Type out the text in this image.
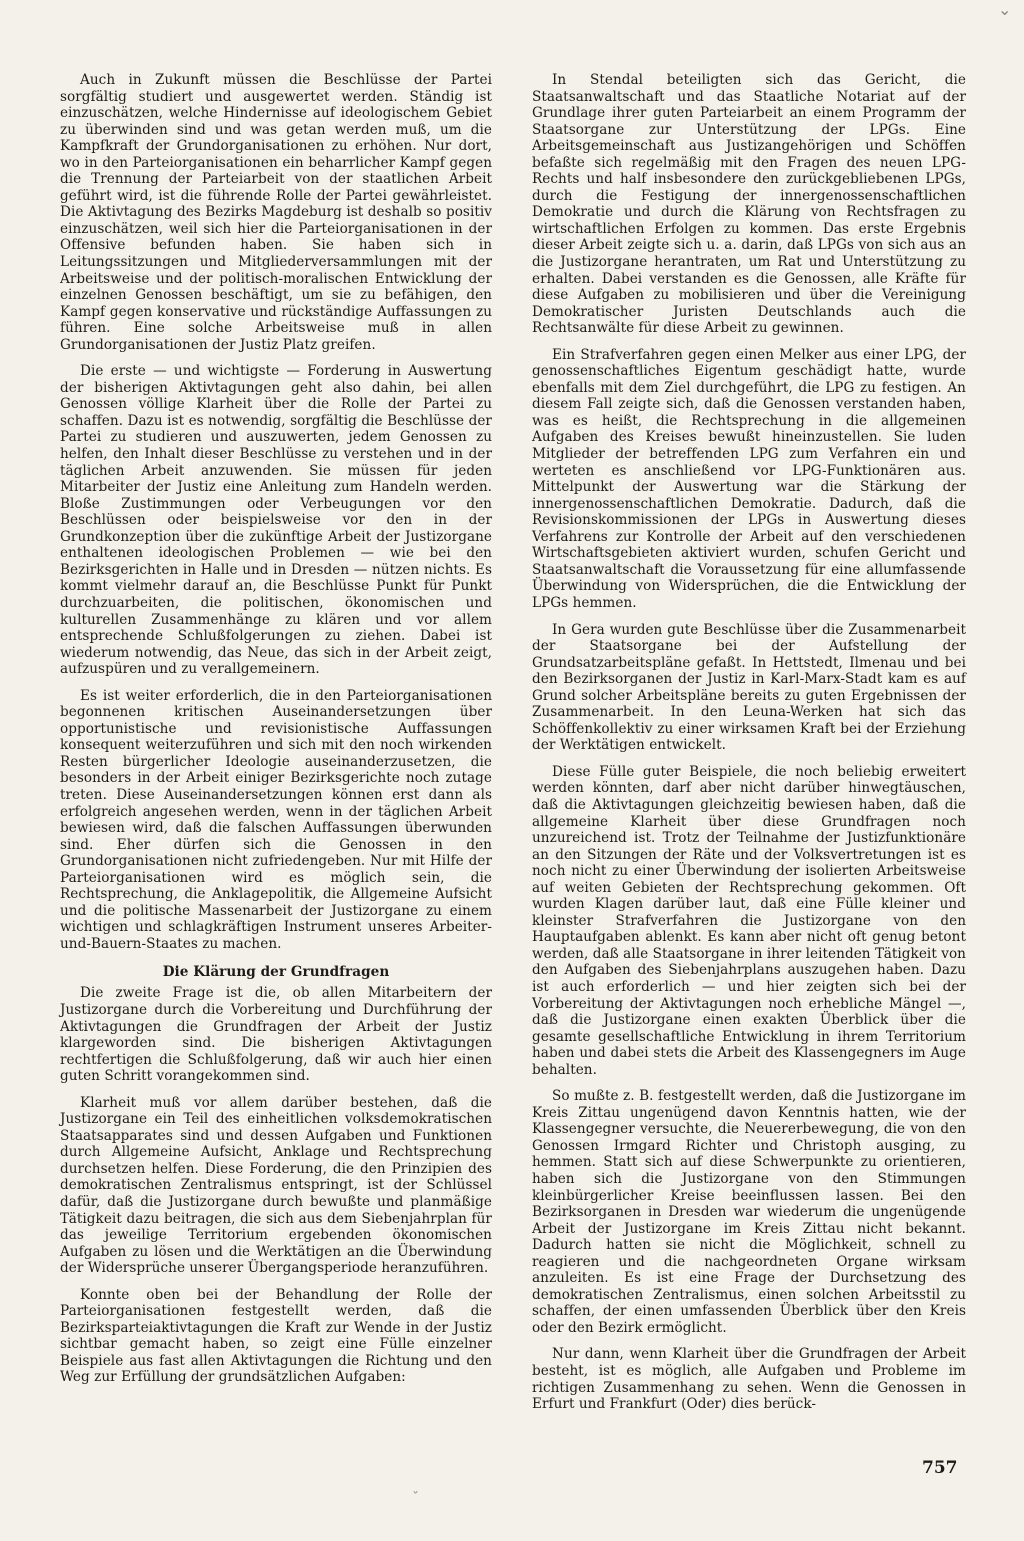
⌄

Auch in Zukunft müssen die Beschlüsse der Partei sorgfältig studiert und ausgewertet werden. Ständig ist einzuschätzen, welche Hindernisse auf ideologischem Gebiet zu überwinden sind und was getan werden muß, um die Kampfkraft der Grundorganisationen zu erhöhen. Nur dort, wo in den Parteiorganisationen ein beharrlicher Kampf gegen die Trennung der Parteiarbeit von der staatlichen Arbeit geführt wird, ist die führende Rolle der Partei gewährleistet. Die Aktivtagung des Bezirks Magdeburg ist deshalb so positiv einzuschätzen, weil sich hier die Parteiorganisationen in der Offensive befunden haben. Sie haben sich in Leitungssitzungen und Mitgliederversammlungen mit der Arbeitsweise und der politisch-moralischen Entwicklung der einzelnen Genossen beschäftigt, um sie zu befähigen, den Kampf gegen konservative und rückständige Auffassungen zu führen. Eine solche Arbeitsweise muß in allen Grundorganisationen der Justiz Platz greifen.

Die erste — und wichtigste — Forderung in Auswertung der bisherigen Aktivtagungen geht also dahin, bei allen Genossen völlige Klarheit über die Rolle der Partei zu schaffen. Dazu ist es notwendig, sorgfältig die Beschlüsse der Partei zu studieren und auszuwerten, jedem Genossen zu helfen, den Inhalt dieser Beschlüsse zu verstehen und in der täglichen Arbeit anzuwenden. Sie müssen für jeden Mitarbeiter der Justiz eine Anleitung zum Handeln werden. Bloße Zustimmungen oder Verbeugungen vor den Beschlüssen oder beispielsweise vor den in der Grundkonzeption über die zukünftige Arbeit der Justizorgane enthaltenen ideologischen Problemen — wie bei den Bezirksgerichten in Halle und in Dresden — nützen nichts. Es kommt vielmehr darauf an, die Beschlüsse Punkt für Punkt durchzuarbeiten, die politischen, ökonomischen und kulturellen Zusammenhänge zu klären und vor allem entsprechende Schlußfolgerungen zu ziehen. Dabei ist wiederum notwendig, das Neue, das sich in der Arbeit zeigt, aufzuspüren und zu verallgemeinern.

Es ist weiter erforderlich, die in den Parteiorganisationen begonnenen kritischen Auseinandersetzungen über opportunistische und revisionistische Auffassungen konsequent weiterzuführen und sich mit den noch wirkenden Resten bürgerlicher Ideologie auseinanderzusetzen, die besonders in der Arbeit einiger Bezirksgerichte noch zutage treten. Diese Auseinandersetzungen können erst dann als erfolgreich angesehen werden, wenn in der täglichen Arbeit bewiesen wird, daß die falschen Auffassungen überwunden sind. Eher dürfen sich die Genossen in den Grundorganisationen nicht zufriedengeben. Nur mit Hilfe der Parteiorganisationen wird es möglich sein, die Rechtsprechung, die Anklagepolitik, die Allgemeine Aufsicht und die politische Massenarbeit der Justizorgane zu einem wichtigen und schlagkräftigen Instrument unseres Arbeiter-und-Bauern-Staates zu machen.

Die Klärung der Grundfragen

Die zweite Frage ist die, ob allen Mitarbeitern der Justizorgane durch die Vorbereitung und Durchführung der Aktivtagungen die Grundfragen der Arbeit der Justiz klargeworden sind. Die bisherigen Aktivtagungen rechtfertigen die Schlußfolgerung, daß wir auch hier einen guten Schritt vorangekommen sind.

Klarheit muß vor allem darüber bestehen, daß die Justizorgane ein Teil des einheitlichen volksdemokratischen Staatsapparates sind und dessen Aufgaben und Funktionen durch Allgemeine Aufsicht, Anklage und Rechtsprechung durchsetzen helfen. Diese Forderung, die den Prinzipien des demokratischen Zentralismus entspringt, ist der Schlüssel dafür, daß die Justizorgane durch bewußte und planmäßige Tätigkeit dazu beitragen, die sich aus dem Siebenjahrplan für das jeweilige Territorium ergebenden ökonomischen Aufgaben zu lösen und die Werktätigen an die Überwindung der Widersprüche unserer Übergangsperiode heranzuführen.

Konnte oben bei der Behandlung der Rolle der Parteiorganisationen festgestellt werden, daß die Bezirksparteiaktivtagungen die Kraft zur Wende in der Justiz sichtbar gemacht haben, so zeigt eine Fülle einzelner Beispiele aus fast allen Aktivtagungen die Richtung und den Weg zur Erfüllung der grundsätzlichen Aufgaben:

In Stendal beteiligten sich das Gericht, die Staatsanwaltschaft und das Staatliche Notariat auf der Grundlage ihrer guten Parteiarbeit an einem Programm der Staatsorgane zur Unterstützung der LPGs. Eine Arbeitsgemeinschaft aus Justizangehörigen und Schöffen befaßte sich regelmäßig mit den Fragen des neuen LPG-Rechts und half insbesondere den zurückgebliebenen LPGs, durch die Festigung der innergenossenschaftlichen Demokratie und durch die Klärung von Rechtsfragen zu wirtschaftlichen Erfolgen zu kommen. Das erste Ergebnis dieser Arbeit zeigte sich u. a. darin, daß LPGs von sich aus an die Justizorgane herantraten, um Rat und Unterstützung zu erhalten. Dabei verstanden es die Genossen, alle Kräfte für diese Aufgaben zu mobilisieren und über die Vereinigung Demokratischer Juristen Deutschlands auch die Rechtsanwälte für diese Arbeit zu gewinnen.

Ein Strafverfahren gegen einen Melker aus einer LPG, der genossenschaftliches Eigentum geschädigt hatte, wurde ebenfalls mit dem Ziel durchgeführt, die LPG zu festigen. An diesem Fall zeigte sich, daß die Genossen verstanden haben, was es heißt, die Rechtsprechung in die allgemeinen Aufgaben des Kreises bewußt hineinzustellen. Sie luden Mitglieder der betreffenden LPG zum Verfahren ein und werteten es anschließend vor LPG-Funktionären aus. Mittelpunkt der Auswertung war die Stärkung der innergenossenschaftlichen Demokratie. Dadurch, daß die Revisionskommissionen der LPGs in Auswertung dieses Verfahrens zur Kontrolle der Arbeit auf den verschiedenen Wirtschaftsgebieten aktiviert wurden, schufen Gericht und Staatsanwaltschaft die Voraussetzung für eine allumfassende Überwindung von Widersprüchen, die die Entwicklung der LPGs hemmen.

In Gera wurden gute Beschlüsse über die Zusammenarbeit der Staatsorgane bei der Aufstellung der Grundsatzarbeitspläne gefaßt. In Hettstedt, Ilmenau und bei den Bezirksorganen der Justiz in Karl-Marx-Stadt kam es auf Grund solcher Arbeitspläne bereits zu guten Ergebnissen der Zusammenarbeit. In den Leuna-Werken hat sich das Schöffenkollektiv zu einer wirksamen Kraft bei der Erziehung der Werktätigen entwickelt.

Diese Fülle guter Beispiele, die noch beliebig erweitert werden könnten, darf aber nicht darüber hinwegtäuschen, daß die Aktivtagungen gleichzeitig bewiesen haben, daß die allgemeine Klarheit über diese Grundfragen noch unzureichend ist. Trotz der Teilnahme der Justizfunktionäre an den Sitzungen der Räte und der Volksvertretungen ist es noch nicht zu einer Überwindung der isolierten Arbeitsweise auf weiten Gebieten der Rechtsprechung gekommen. Oft wurden Klagen darüber laut, daß eine Fülle kleiner und kleinster Strafverfahren die Justizorgane von den Hauptaufgaben ablenkt. Es kann aber nicht oft genug betont werden, daß alle Staatsorgane in ihrer leitenden Tätigkeit von den Aufgaben des Siebenjahrplans auszugehen haben. Dazu ist auch erforderlich — und hier zeigten sich bei der Vorbereitung der Aktivtagungen noch erhebliche Mängel —, daß die Justizorgane einen exakten Überblick über die gesamte gesellschaftliche Entwicklung in ihrem Territorium haben und dabei stets die Arbeit des Klassengegners im Auge behalten.

So mußte z. B. festgestellt werden, daß die Justizorgane im Kreis Zittau ungenügend davon Kenntnis hatten, wie der Klassengegner versuchte, die Neuererbewegung, die von den Genossen Irmgard Richter und Christoph ausging, zu hemmen. Statt sich auf diese Schwerpunkte zu orientieren, haben sich die Justizorgane von den Stimmungen kleinbürgerlicher Kreise beeinflussen lassen. Bei den Bezirksorganen in Dresden war wiederum die ungenügende Arbeit der Justizorgane im Kreis Zittau nicht bekannt. Dadurch hatten sie nicht die Möglichkeit, schnell zu reagieren und die nachgeordneten Organe wirksam anzuleiten. Es ist eine Frage der Durchsetzung des demokratischen Zentralismus, einen solchen Arbeitsstil zu schaffen, der einen umfassenden Überblick über den Kreis oder den Bezirk ermöglicht.

Nur dann, wenn Klarheit über die Grundfragen der Arbeit besteht, ist es möglich, alle Aufgaben und Probleme im richtigen Zusammenhang zu sehen. Wenn die Genossen in Erfurt und Frankfurt (Oder) dies berück-

757
ˇ
